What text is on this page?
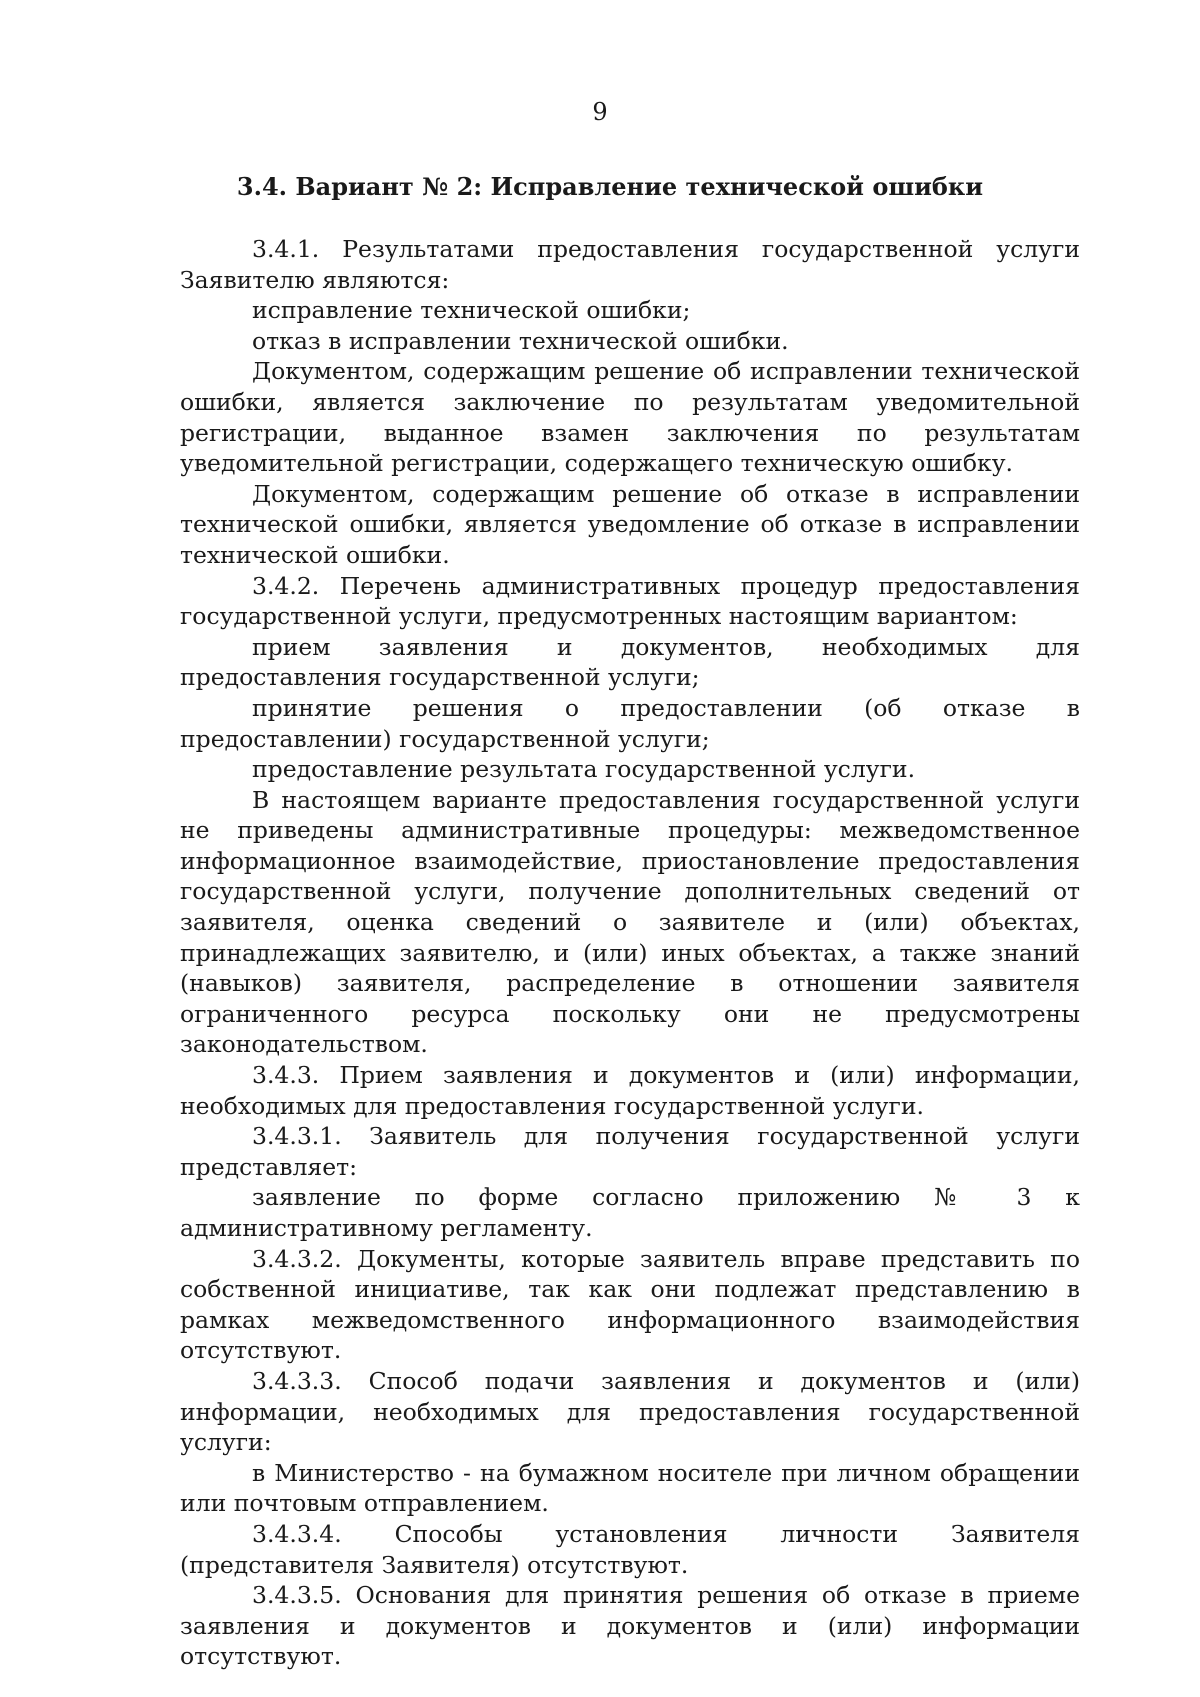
9
3.4. Вариант № 2: Исправление технической ошибки

3.4.1. Результатами предоставления государственной услуги Заявителю являются:

исправление технической ошибки;

отказ в исправлении технической ошибки.

Документом, содержащим решение об исправлении технической ошибки, является заключение по результатам уведомительной регистрации, выданное взамен заключения по результатам уведомительной регистрации, содержащего техническую ошибку.

Документом, содержащим решение об отказе в исправлении технической ошибки, является уведомление об отказе в исправлении технической ошибки.

3.4.2. Перечень административных процедур предоставления государственной услуги, предусмотренных настоящим вариантом:

прием заявления и документов, необходимых для предоставления государственной услуги;

принятие решения о предоставлении (об отказе в предоставлении) государственной услуги;

предоставление результата государственной услуги.

В настоящем варианте предоставления государственной услуги не приведены административные процедуры: межведомственное информационное взаимодействие, приостановление предоставления государственной услуги, получение дополнительных сведений от заявителя, оценка сведений о заявителе и (или) объектах, принадлежащих заявителю, и (или) иных объектах, а также знаний (навыков) заявителя, распределение в отношении заявителя ограниченного ресурса поскольку они не предусмотрены законодательством.

3.4.3. Прием заявления и документов и (или) информации, необходимых для предоставления государственной услуги.

3.4.3.1. Заявитель для получения государственной услуги представляет:

заявление по форме согласно приложению № 3 к административному регламенту.

3.4.3.2. Документы, которые заявитель вправе представить по собственной инициативе, так как они подлежат представлению в рамках межведомственного информационного взаимодействия отсутствуют.

3.4.3.3. Способ подачи заявления и документов и (или) информации, необходимых для предоставления государственной услуги:

в Министерство - на бумажном носителе при личном обращении или почтовым отправлением.

3.4.3.4. Способы установления личности Заявителя (представителя Заявителя) отсутствуют.

3.4.3.5. Основания для принятия решения об отказе в приеме заявления и документов и документов и (или) информации отсутствуют.
